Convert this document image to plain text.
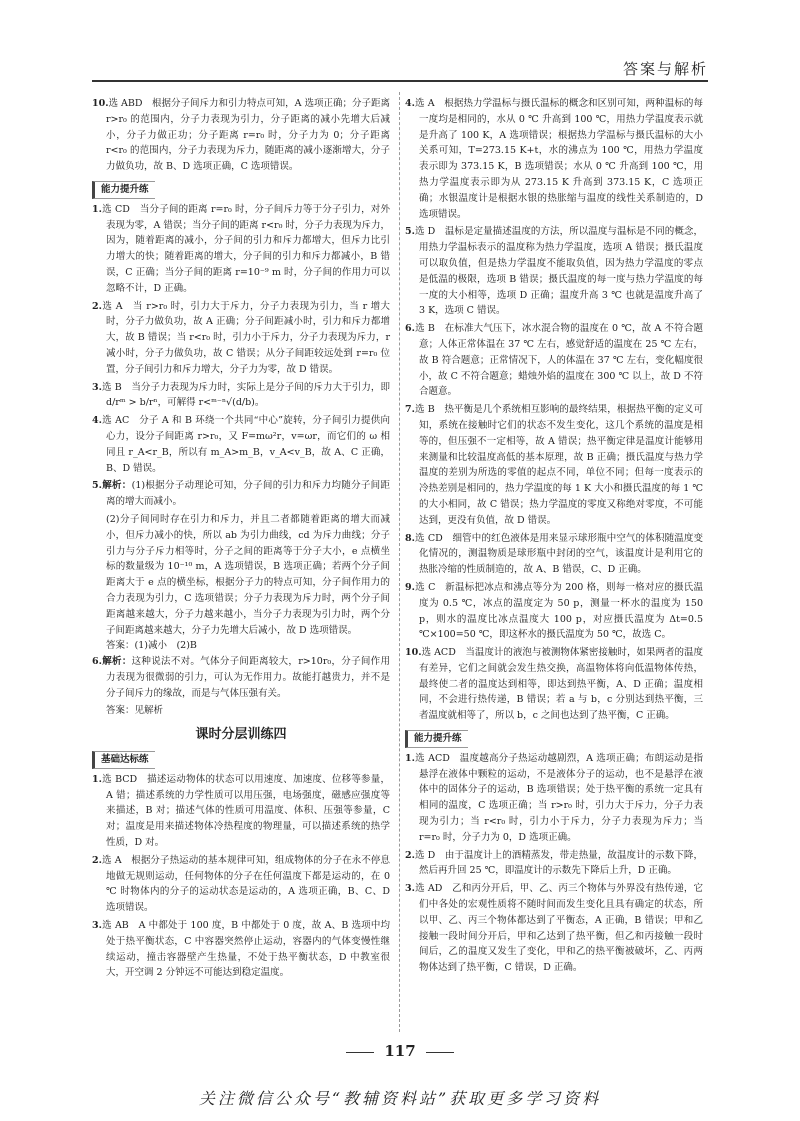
答案与解析
10.选 ABD　根据分子间斥力和引力特点可知，A 选项正确；分子距离 r>r₀ 的范围内，分子力表现为引力，分子距离的减小先增大后减小，分子力做正功；分子距离 r=r₀ 时，分子力为 0；分子距离 r<r₀ 的范围内，分子力表现为斥力，随距离的减小逐渐增大，分子力做负功，故 B、D 选项正确，C 选项错误。
能力提升练
1.选 CD　当分子间的距离 r=r₀ 时，分子间斥力等于分子引力，对外表现为零，A 错误；当分子间的距离 r<r₀ 时，分子力表现为斥力，因为，随着距离的减小，分子间的引力和斥力都增大，但斥力比引力增大的快；随着距离的增大，分子间的引力和斥力都减小，B 错误，C 正确；当分子间的距离 r=10⁻⁹ m 时，分子间的作用力可以忽略不计，D 正确。
2.选 A　当 r>r₀ 时，引力大于斥力，分子力表现为引力，当 r 增大时，分子力做负功，故 A 正确；分子间距减小时，引力和斥力都增大，故 B 错误；当 r<r₀ 时，引力小于斥力，分子力表现为斥力，r 减小时，分子力做负功，故 C 错误；从分子间距较远处到 r=r₀ 位置，分子间引力和斥力增大，分子力为零，故 D 错误。
3.选 B　当分子力表现为斥力时，实际上是分子间的斥力大于引力，即 d/rᵐ > b/rⁿ，可解得 r<ᵐ⁻ⁿ√(d/b)。
4.选 AC　分子 A 和 B 环绕一个共同“中心”旋转，分子间引力提供向心力，设分子间距离 r>r₀，又 F=mω²r，v=ωr，而它们的 ω 相同且 r_A<r_B，所以有 m_A>m_B，v_A<v_B，故 A、C 正确，B、D 错误。
5.解析：(1)根据分子动理论可知，分子间的引力和斥力均随分子间距离的增大而减小。
(2)分子间同时存在引力和斥力，并且二者都随着距离的增大而减小，但斥力减小的快，所以 ab 为引力曲线，cd 为斥力曲线；分子引力与分子斥力相等时，分子之间的距离等于分子大小，e 点横坐标的数量级为 10⁻¹⁰ m，A 选项错误，B 选项正确；若两个分子间距离大于 e 点的横坐标，根据分子力的特点可知，分子间作用力的合力表现为引力，C 选项错误；分子力表现为斥力时，两个分子间距离越来越大，分子力越来越小，当分子力表现为引力时，两个分子间距离越来越大，分子力先增大后减小，故 D 选项错误。
答案：(1)减小　(2)B
6.解析：这种说法不对。气体分子间距离较大，r>10r₀，分子间作用力表现为很微弱的引力，可认为无作用力。故能打越贵力，并不是分子间斥力的缘故，而是与气体压强有关。
答案：见解析
课时分层训练四
基础达标练
1.选 BCD　描述运动物体的状态可以用速度、加速度、位移等参量，A 错；描述系统的力学性质可以用压强，电场强度，磁感应强度等来描述，B 对；描述气体的性质可用温度、体积、压强等参量，C 对；温度是用来描述物体冷热程度的物理量，可以描述系统的热学性质，D 对。
2.选 A　根据分子热运动的基本规律可知，组成物体的分子在永不停息地做无规则运动，任何物体的分子在任何温度下都是运动的，在 0 ℃ 时物体内的分子的运动状态是运动的，A 选项正确，B、C、D 选项错误。
3.选 AB　A 中都处于 100 度，B 中都处于 0 度，故 A、B 选项中均处于热平衡状态，C 中容器突然停止运动，容器内的气体变慢性继续运动，撞击容器壁产生热量，不处于热平衡状态，D 中教室很大，开空调 2 分钟远不可能达到稳定温度。
4.选 A　根据热力学温标与摄氏温标的概念和区别可知，两种温标的每一度均是相同的，水从 0 ℃ 升高到 100 ℃，用热力学温度表示就是升高了 100 K，A 选项错误；根据热力学温标与摄氏温标的大小关系可知，T=273.15 K+t，水的沸点为 100 ℃，用热力学温度表示即为 373.15 K，B 选项错误；水从 0 ℃ 升高到 100 ℃，用热力学温度表示即为从 273.15 K 升高到 373.15 K，C 选项正确；水银温度计是根据水银的热胀缩与温度的线性关系制造的，D 选项错误。
5.选 D　温标是定量描述温度的方法，所以温度与温标是不同的概念，用热力学温标表示的温度称为热力学温度，选项 A 错误；摄氏温度可以取负值，但是热力学温度不能取负值，因为热力学温度的零点是低温的极限，选项 B 错误；摄氏温度的每一度与热力学温度的每一度的大小相等，选项 D 正确；温度升高 3 ℃ 也就是温度升高了 3 K，选项 C 错误。
6.选 B　在标准大气压下，冰水混合物的温度在 0 ℃，故 A 不符合题意；人体正常体温在 37 ℃ 左右，感觉舒适的温度在 25 ℃ 左右，故 B 符合题意；正常情况下，人的体温在 37 ℃ 左右，变化幅度很小，故 C 不符合题意；蜡烛外焰的温度在 300 ℃ 以上，故 D 不符合题意。
7.选 B　热平衡是几个系统相互影响的最终结果，根据热平衡的定义可知，系统在接触时它们的状态不发生变化，这几个系统的温度是相等的，但压强不一定相等，故 A 错误；热平衡定律是温度计能够用来测量和比较温度高低的基本原理，故 B 正确；摄氏温度与热力学温度的差别为所选的零值的起点不同，单位不同；但每一度表示的冷热差别是相同的，热力学温度的每 1 K 大小和摄氏温度的每 1 ℃ 的大小相同，故 C 错误；热力学温度的零度又称绝对零度，不可能达到，更没有负值，故 D 错误。
8.选 CD　细管中的红色液体是用来显示球形瓶中空气的体积随温度变化情况的，测温物质是球形瓶中封闭的空气，该温度计是利用它的热胀冷缩的性质制造的，故 A、B 错误，C、D 正确。
9.选 C　新温标把冰点和沸点等分为 200 格，则每一格对应的摄氏温度为 0.5 ℃，冰点的温度定为 50 p，测量一杯水的温度为 150 p，则水的温度比冰点温度大 100 p，对应摄氏温度为 Δt=0.5 ℃×100=50 ℃，即这杯水的摄氏温度为 50 ℃，故选 C。
10.选 ACD　当温度计的液泡与被测物体紧密接触时，如果两者的温度有差异，它们之间就会发生热交换，高温物体将向低温物体传热，最终使二者的温度达到相等，即达到热平衡，A、D 正确；温度相同，不会进行热传递，B 错误；若 a 与 b，c 分别达到热平衡，三者温度就相等了，所以 b，c 之间也达到了热平衡，C 正确。
能力提升练
1.选 ACD　温度越高分子热运动越剧烈，A 选项正确；布朗运动是指悬浮在液体中颗粒的运动，不是液体分子的运动，也不是悬浮在液体中的固体分子的运动，B 选项错误；处于热平衡的系统一定具有相同的温度，C 选项正确；当 r>r₀ 时，引力大于斥力，分子力表现为引力；当 r<r₀ 时，引力小于斥力，分子力表现为斥力；当 r=r₀ 时，分子力为 0，D 选项正确。
2.选 D　由于温度计上的酒精蒸发，带走热量，故温度计的示数下降，然后再升回 25 ℃，即温度计的示数先下降后上升，D 正确。
3.选 AD　乙和丙分开后，甲、乙、丙三个物体与外界没有热传递，它们中各处的宏观性质将不随时间而发生变化且具有确定的状态，所以甲、乙、丙三个物体都达到了平衡态，A 正确，B 错误；甲和乙接触一段时间分开后，甲和乙达到了热平衡，但乙和丙接触一段时间后，乙的温度又发生了变化，甲和乙的热平衡被破坏，乙、丙两物体达到了热平衡，C 错误，D 正确。
117
关注微信公众号“教辅资料站”获取更多学习资料
